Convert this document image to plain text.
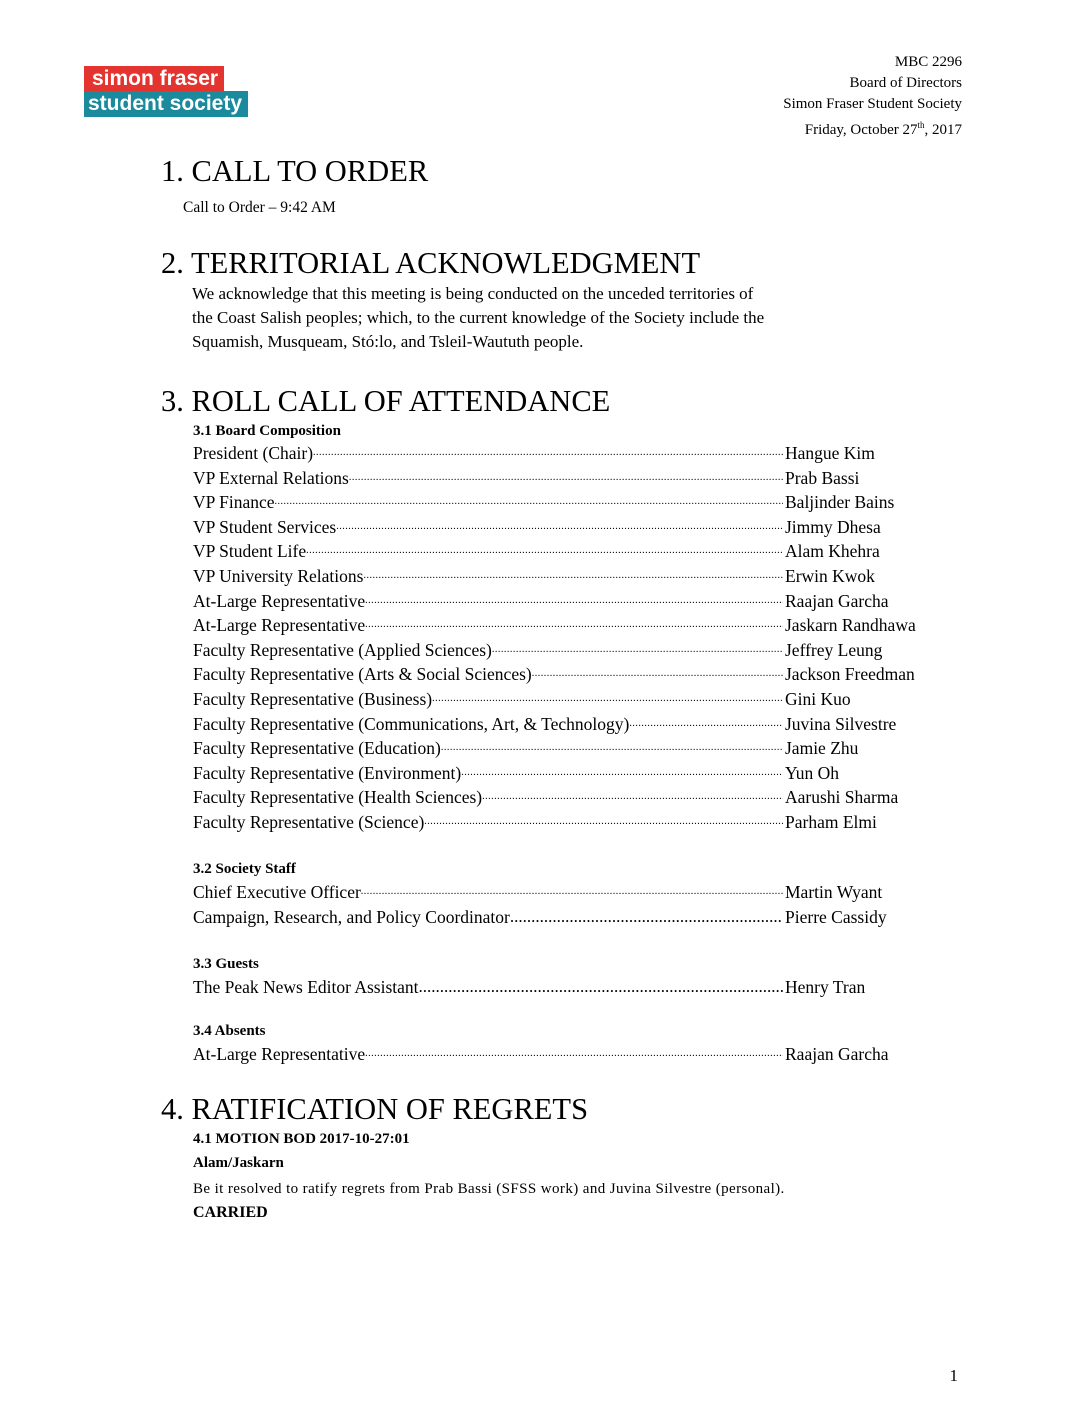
simon fraser
student society
MBC 2296
Board of Directors
Simon Fraser Student Society
Friday, October 27th, 2017
1. CALL TO ORDER
Call to Order – 9:42 AM
2. TERRITORIAL ACKNOWLEDGMENT
We acknowledge that this meeting is being conducted on the unceded territories of
the Coast Salish peoples; which, to the current knowledge of the Society include the
Squamish, Musqueam, Stó:lo, and Tsleil-Waututh people.
3. ROLL CALL OF ATTENDANCE
3.1 Board Composition
President (Chair) .....	Hangue Kim
VP External Relations .....	Prab Bassi
VP Finance .....	Baljinder Bains
VP Student Services .....	Jimmy Dhesa
VP Student Life .....	Alam Khehra
VP University Relations .....	Erwin Kwok
At-Large Representative .....	Raajan Garcha
At-Large Representative .....	Jaskarn Randhawa
Faculty Representative (Applied Sciences) .....	Jeffrey Leung
Faculty Representative (Arts & Social Sciences) .....	Jackson Freedman
Faculty Representative (Business) .....	Gini Kuo
Faculty Representative (Communications, Art, & Technology) .....	Juvina Silvestre
Faculty Representative (Education) .....	Jamie Zhu
Faculty Representative (Environment) .....	Yun Oh
Faculty Representative (Health Sciences) .....	Aarushi Sharma
Faculty Representative (Science) .....	Parham Elmi
3.2 Society Staff
Chief Executive Officer .....	Martin Wyant
Campaign, Research, and Policy Coordinator .....	Pierre Cassidy
3.3 Guests
The Peak News Editor Assistant .....	Henry Tran
3.4 Absents
At-Large Representative .....	Raajan Garcha
4. RATIFICATION OF REGRETS
4.1 MOTION BOD 2017-10-27:01
Alam/Jaskarn
Be it resolved to ratify regrets from Prab Bassi (SFSS work) and Juvina Silvestre (personal).
CARRIED
1
